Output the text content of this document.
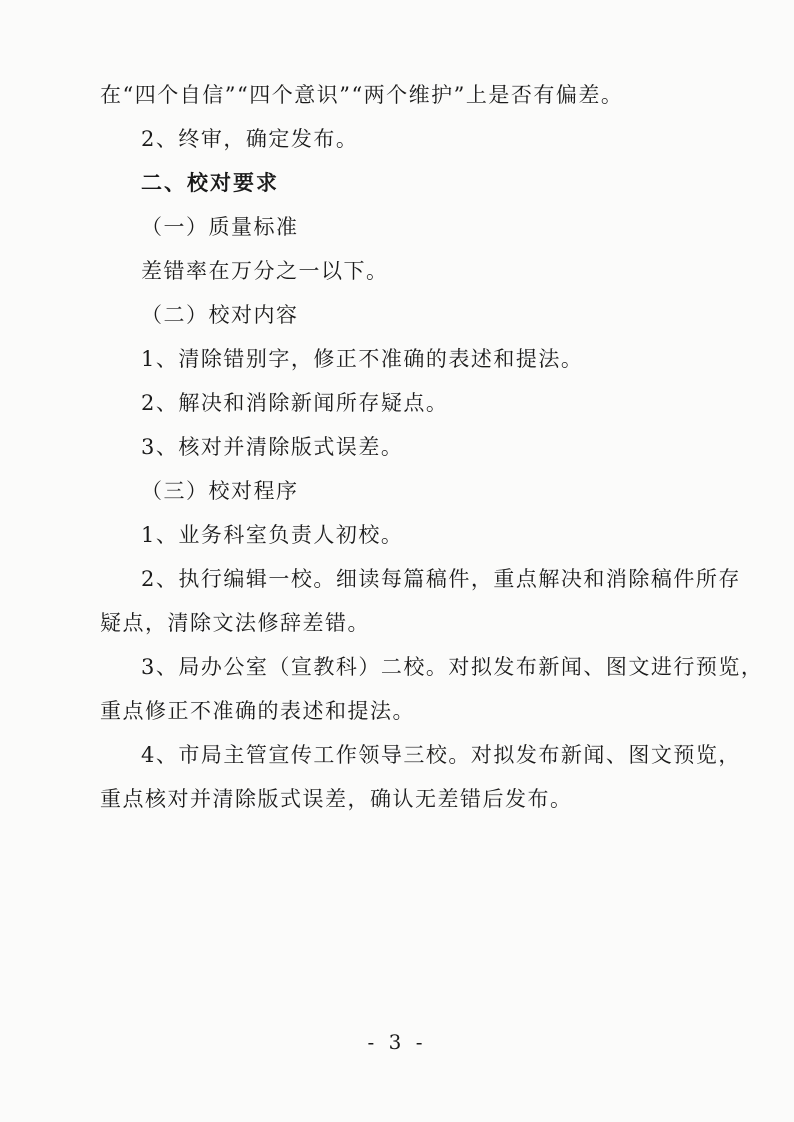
在“四个自信”“四个意识”“两个维护”上是否有偏差。
2、终审，确定发布。
二、校对要求
（一）质量标准
差错率在万分之一以下。
（二）校对内容
1、清除错别字，修正不准确的表述和提法。
2、解决和消除新闻所存疑点。
3、核对并清除版式误差。
（三）校对程序
1、业务科室负责人初校。
2、执行编辑一校。细读每篇稿件，重点解决和消除稿件所存
疑点，清除文法修辞差错。
3、局办公室（宣教科）二校。对拟发布新闻、图文进行预览，
重点修正不准确的表述和提法。
4、市局主管宣传工作领导三校。对拟发布新闻、图文预览，
重点核对并清除版式误差，确认无差错后发布。
- 3 -
